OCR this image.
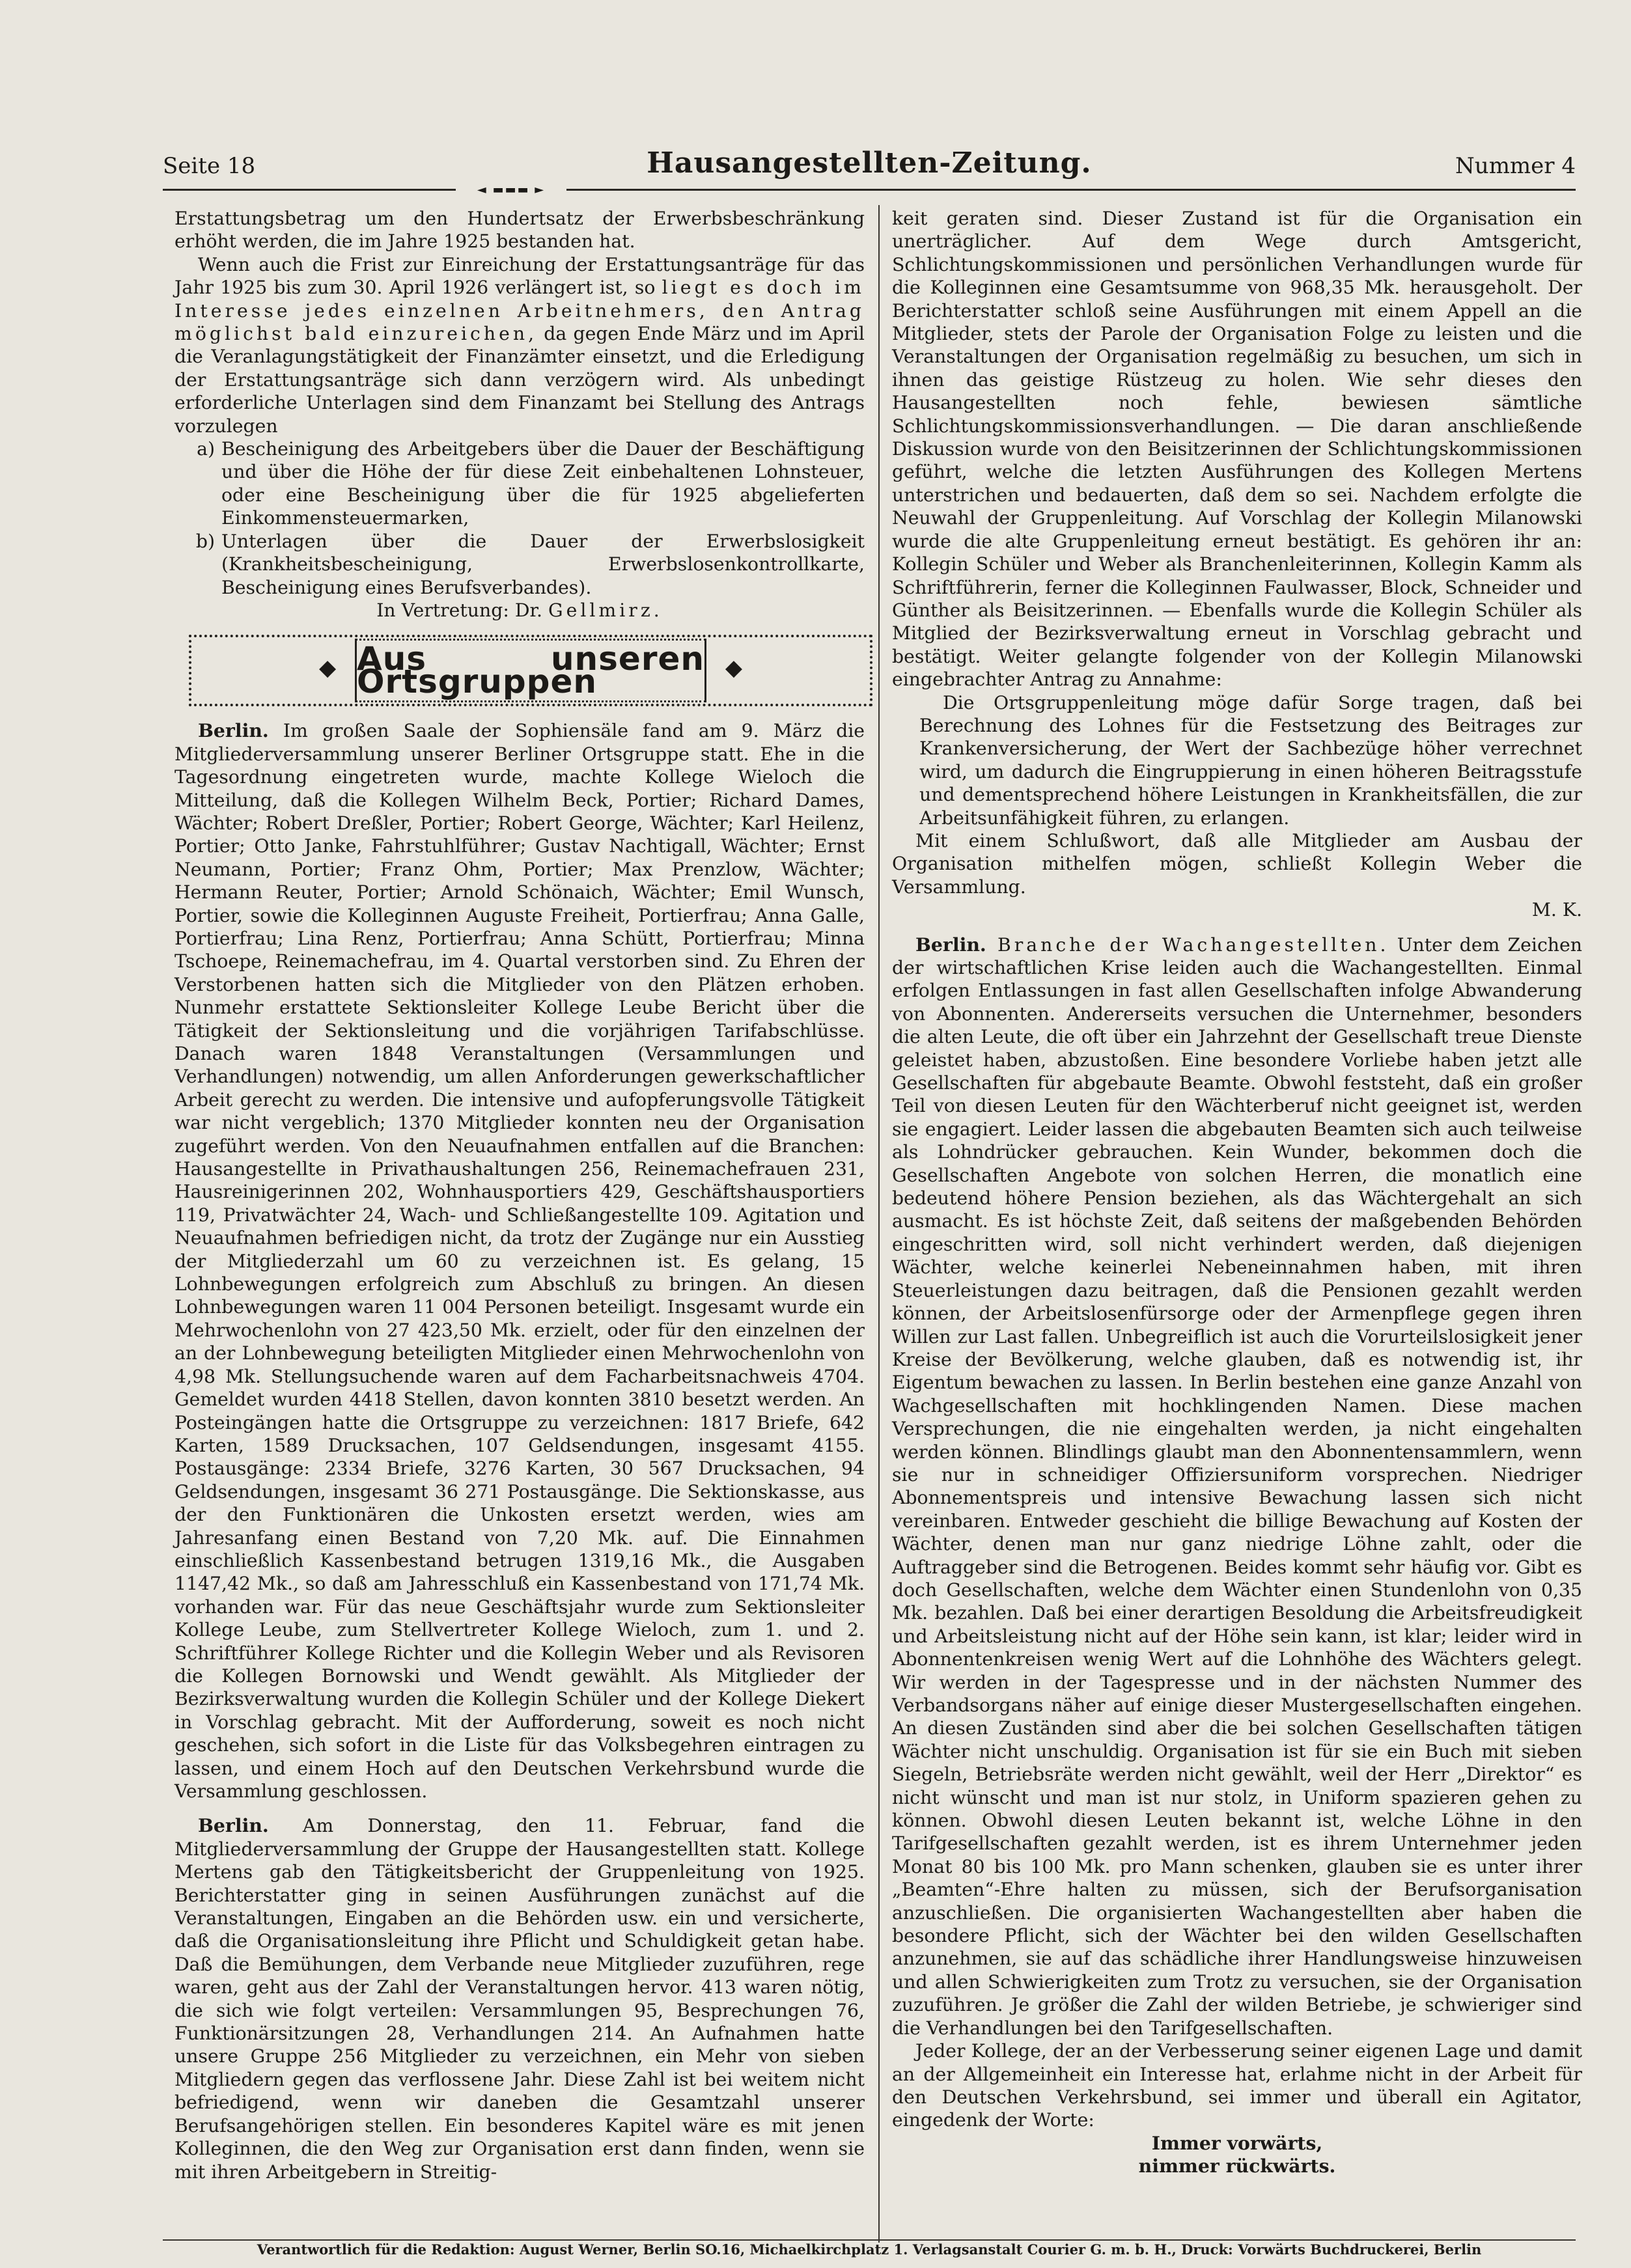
Seite 18	Hausangestellten-Zeitung.	Nummer 4
◄ ▬▬▬ ►

Erstattungsbetrag um den Hundertsatz der Erwerbsbeschränkung erhöht werden, die im Jahre 1925 bestanden hat.

Wenn auch die Frist zur Einreichung der Erstattungsanträge für das Jahr 1925 bis zum 30. April 1926 verlängert ist, so liegt es doch im Interesse jedes einzelnen Arbeitnehmers, den Antrag möglichst bald einzureichen, da gegen Ende März und im April die Veranlagungstätigkeit der Finanzämter einsetzt, und die Erledigung der Erstattungsanträge sich dann verzögern wird. Als unbedingt erforderliche Unterlagen sind dem Finanzamt bei Stellung des Antrags vorzulegen

a) Bescheinigung des Arbeitgebers über die Dauer der Beschäftigung und über die Höhe der für diese Zeit einbehaltenen Lohnsteuer, oder eine Bescheinigung über die für 1925 abgelieferten Einkommensteuermarken,
b) Unterlagen über die Dauer der Erwerbslosigkeit (Krankheitsbescheinigung, Erwerbslosenkontrollkarte, Bescheinigung eines Berufsverbandes).

In Vertretung: Dr. Gellmirz.

◆ Aus unseren Ortsgruppen	◆

Berlin. Im großen Saale der Sophiensäle fand am 9. März die Mitgliederversammlung unserer Berliner Ortsgruppe statt. Ehe in die Tagesordnung eingetreten wurde, machte Kollege Wieloch die Mitteilung, daß die Kollegen Wilhelm Beck, Portier; Richard Dames, Wächter; Robert Dreßler, Portier; Robert George, Wächter; Karl Heilenz, Portier; Otto Janke, Fahrstuhlführer; Gustav Nachtigall, Wächter; Ernst Neumann, Portier; Franz Ohm, Portier; Max Prenzlow, Wächter; Hermann Reuter, Portier; Arnold Schönaich, Wächter; Emil Wunsch, Portier, sowie die Kolleginnen Auguste Freiheit, Portierfrau; Anna Galle, Portierfrau; Lina Renz, Portierfrau; Anna Schütt, Portierfrau; Minna Tschoepe, Reinemachefrau, im 4. Quartal verstorben sind. Zu Ehren der Verstorbenen hatten sich die Mitglieder von den Plätzen erhoben. Nunmehr erstattete Sektionsleiter Kollege Leube Bericht über die Tätigkeit der Sektionsleitung und die vorjährigen Tarifabschlüsse. Danach waren 1848 Veranstaltungen (Versammlungen und Verhandlungen) notwendig, um allen Anforderungen gewerkschaftlicher Arbeit gerecht zu werden. Die intensive und aufopferungsvolle Tätigkeit war nicht vergeblich; 1370 Mitglieder konnten neu der Organisation zugeführt werden. Von den Neuaufnahmen entfallen auf die Branchen: Hausangestellte in Privathaushaltungen 256, Reinemachefrauen 231, Hausreinigerinnen 202, Wohnhausportiers 429, Geschäftshausportiers 119, Privatwächter 24, Wach- und Schließangestellte 109. Agitation und Neuaufnahmen befriedigen nicht, da trotz der Zugänge nur ein Ausstieg der Mitgliederzahl um 60 zu verzeichnen ist. Es gelang, 15 Lohnbewegungen erfolgreich zum Abschluß zu bringen. An diesen Lohnbewegungen waren 11 004 Personen beteiligt. Insgesamt wurde ein Mehrwochenlohn von 27 423,50 Mk. erzielt, oder für den einzelnen der an der Lohnbewegung beteiligten Mitglieder einen Mehrwochenlohn von 4,98 Mk. Stellungsuchende waren auf dem Facharbeitsnachweis 4704. Gemeldet wurden 4418 Stellen, davon konnten 3810 besetzt werden. An Posteingängen hatte die Ortsgruppe zu verzeichnen: 1817 Briefe, 642 Karten, 1589 Drucksachen, 107 Geldsendungen, insgesamt 4155. Postausgänge: 2334 Briefe, 3276 Karten, 30 567 Drucksachen, 94 Geldsendungen, insgesamt 36 271 Postausgänge. Die Sektionskasse, aus der den Funktionären die Unkosten ersetzt werden, wies am Jahresanfang einen Bestand von 7,20 Mk. auf. Die Einnahmen einschließlich Kassenbestand betrugen 1319,16 Mk., die Ausgaben 1147,42 Mk., so daß am Jahresschluß ein Kassenbestand von 171,74 Mk. vorhanden war. Für das neue Geschäftsjahr wurde zum Sektionsleiter Kollege Leube, zum Stellvertreter Kollege Wieloch, zum 1. und 2. Schriftführer Kollege Richter und die Kollegin Weber und als Revisoren die Kollegen Bornowski und Wendt gewählt. Als Mitglieder der Bezirksverwaltung wurden die Kollegin Schüler und der Kollege Diekert in Vorschlag gebracht. Mit der Aufforderung, soweit es noch nicht geschehen, sich sofort in die Liste für das Volksbegehren eintragen zu lassen, und einem Hoch auf den Deutschen Verkehrsbund wurde die Versammlung geschlossen.

Berlin. Am Donnerstag, den 11. Februar, fand die Mitgliederversammlung der Gruppe der Hausangestellten statt. Kollege Mertens gab den Tätigkeitsbericht der Gruppenleitung von 1925. Berichterstatter ging in seinen Ausführungen zunächst auf die Veranstaltungen, Eingaben an die Behörden usw. ein und versicherte, daß die Organisationsleitung ihre Pflicht und Schuldigkeit getan habe. Daß die Bemühungen, dem Verbande neue Mitglieder zuzuführen, rege waren, geht aus der Zahl der Veranstaltungen hervor. 413 waren nötig, die sich wie folgt verteilen: Versammlungen 95, Besprechungen 76, Funktionärsitzungen 28, Verhandlungen 214. An Aufnahmen hatte unsere Gruppe 256 Mitglieder zu verzeichnen, ein Mehr von sieben Mitgliedern gegen das verflossene Jahr. Diese Zahl ist bei weitem nicht befriedigend, wenn wir daneben die Gesamtzahl unserer Berufsangehörigen stellen. Ein besonderes Kapitel wäre es mit jenen Kolleginnen, die den Weg zur Organisation erst dann finden, wenn sie mit ihren Arbeitgebern in Streitig-

keit geraten sind. Dieser Zustand ist für die Organisation ein unerträglicher. Auf dem Wege durch Amtsgericht, Schlichtungskommissionen und persönlichen Verhandlungen wurde für die Kolleginnen eine Gesamtsumme von 968,35 Mk. herausgeholt. Der Berichterstatter schloß seine Ausführungen mit einem Appell an die Mitglieder, stets der Parole der Organisation Folge zu leisten und die Veranstaltungen der Organisation regelmäßig zu besuchen, um sich in ihnen das geistige Rüstzeug zu holen. Wie sehr dieses den Hausangestellten noch fehle, bewiesen sämtliche Schlichtungskommissionsverhandlungen. — Die daran anschließende Diskussion wurde von den Beisitzerinnen der Schlichtungskommissionen geführt, welche die letzten Ausführungen des Kollegen Mertens unterstrichen und bedauerten, daß dem so sei. Nachdem erfolgte die Neuwahl der Gruppenleitung. Auf Vorschlag der Kollegin Milanowski wurde die alte Gruppenleitung erneut bestätigt. Es gehören ihr an: Kollegin Schüler und Weber als Branchenleiterinnen, Kollegin Kamm als Schriftführerin, ferner die Kolleginnen Faulwasser, Block, Schneider und Günther als Beisitzerinnen. — Ebenfalls wurde die Kollegin Schüler als Mitglied der Bezirksverwaltung erneut in Vorschlag gebracht und bestätigt. Weiter gelangte folgender von der Kollegin Milanowski eingebrachter Antrag zu Annahme:

Die Ortsgruppenleitung möge dafür Sorge tragen, daß bei Berechnung des Lohnes für die Festsetzung des Beitrages zur Krankenversicherung, der Wert der Sachbezüge höher verrechnet wird, um dadurch die Eingruppierung in einen höheren Beitragsstufe und dementsprechend höhere Leistungen in Krankheitsfällen, die zur Arbeitsunfähigkeit führen, zu erlangen.

Mit einem Schlußwort, daß alle Mitglieder am Ausbau der Organisation mithelfen mögen, schließt Kollegin Weber die Versammlung.

M. K.

Berlin. Branche der Wachangestellten. Unter dem Zeichen der wirtschaftlichen Krise leiden auch die Wachangestellten. Einmal erfolgen Entlassungen in fast allen Gesellschaften infolge Abwanderung von Abonnenten. Andererseits versuchen die Unternehmer, besonders die alten Leute, die oft über ein Jahrzehnt der Gesellschaft treue Dienste geleistet haben, abzustoßen. Eine besondere Vorliebe haben jetzt alle Gesellschaften für abgebaute Beamte. Obwohl feststeht, daß ein großer Teil von diesen Leuten für den Wächterberuf nicht geeignet ist, werden sie engagiert. Leider lassen die abgebauten Beamten sich auch teilweise als Lohndrücker gebrauchen. Kein Wunder, bekommen doch die Gesellschaften Angebote von solchen Herren, die monatlich eine bedeutend höhere Pension beziehen, als das Wächtergehalt an sich ausmacht. Es ist höchste Zeit, daß seitens der maßgebenden Behörden eingeschritten wird, soll nicht verhindert werden, daß diejenigen Wächter, welche keinerlei Nebeneinnahmen haben, mit ihren Steuerleistungen dazu beitragen, daß die Pensionen gezahlt werden können, der Arbeitslosenfürsorge oder der Armenpflege gegen ihren Willen zur Last fallen. Unbegreiflich ist auch die Vorurteilslosigkeit jener Kreise der Bevölkerung, welche glauben, daß es notwendig ist, ihr Eigentum bewachen zu lassen. In Berlin bestehen eine ganze Anzahl von Wachgesellschaften mit hochklingenden Namen. Diese machen Versprechungen, die nie eingehalten werden, ja nicht eingehalten werden können. Blindlings glaubt man den Abonnentensammlern, wenn sie nur in schneidiger Offiziersuniform vorsprechen. Niedriger Abonnementspreis und intensive Bewachung lassen sich nicht vereinbaren. Entweder geschieht die billige Bewachung auf Kosten der Wächter, denen man nur ganz niedrige Löhne zahlt, oder die Auftraggeber sind die Betrogenen. Beides kommt sehr häufig vor. Gibt es doch Gesellschaften, welche dem Wächter einen Stundenlohn von 0,35 Mk. bezahlen. Daß bei einer derartigen Besoldung die Arbeitsfreudigkeit und Arbeitsleistung nicht auf der Höhe sein kann, ist klar; leider wird in Abonnentenkreisen wenig Wert auf die Lohnhöhe des Wächters gelegt. Wir werden in der Tagespresse und in der nächsten Nummer des Verbandsorgans näher auf einige dieser Mustergesellschaften eingehen. An diesen Zuständen sind aber die bei solchen Gesellschaften tätigen Wächter nicht unschuldig. Organisation ist für sie ein Buch mit sieben Siegeln, Betriebsräte werden nicht gewählt, weil der Herr „Direktor“ es nicht wünscht und man ist nur stolz, in Uniform spazieren gehen zu können. Obwohl diesen Leuten bekannt ist, welche Löhne in den Tarifgesellschaften gezahlt werden, ist es ihrem Unternehmer jeden Monat 80 bis 100 Mk. pro Mann schenken, glauben sie es unter ihrer „Beamten“-Ehre halten zu müssen, sich der Berufsorganisation anzuschließen. Die organisierten Wachangestellten aber haben die besondere Pflicht, sich der Wächter bei den wilden Gesellschaften anzunehmen, sie auf das schädliche ihrer Handlungsweise hinzuweisen und allen Schwierigkeiten zum Trotz zu versuchen, sie der Organisation zuzuführen. Je größer die Zahl der wilden Betriebe, je schwieriger sind die Verhandlungen bei den Tarifgesellschaften.

Jeder Kollege, der an der Verbesserung seiner eigenen Lage und damit an der Allgemeinheit ein Interesse hat, erlahme nicht in der Arbeit für den Deutschen Verkehrsbund, sei immer und überall ein Agitator, eingedenk der Worte:

Immer vorwärts,
nimmer rückwärts.
Verantwortlich für die Redaktion: August Werner, Berlin SO.16, Michaelkirchplatz 1. Verlagsanstalt Courier G. m. b. H., Druck: Vorwärts Buchdruckerei, Berlin
